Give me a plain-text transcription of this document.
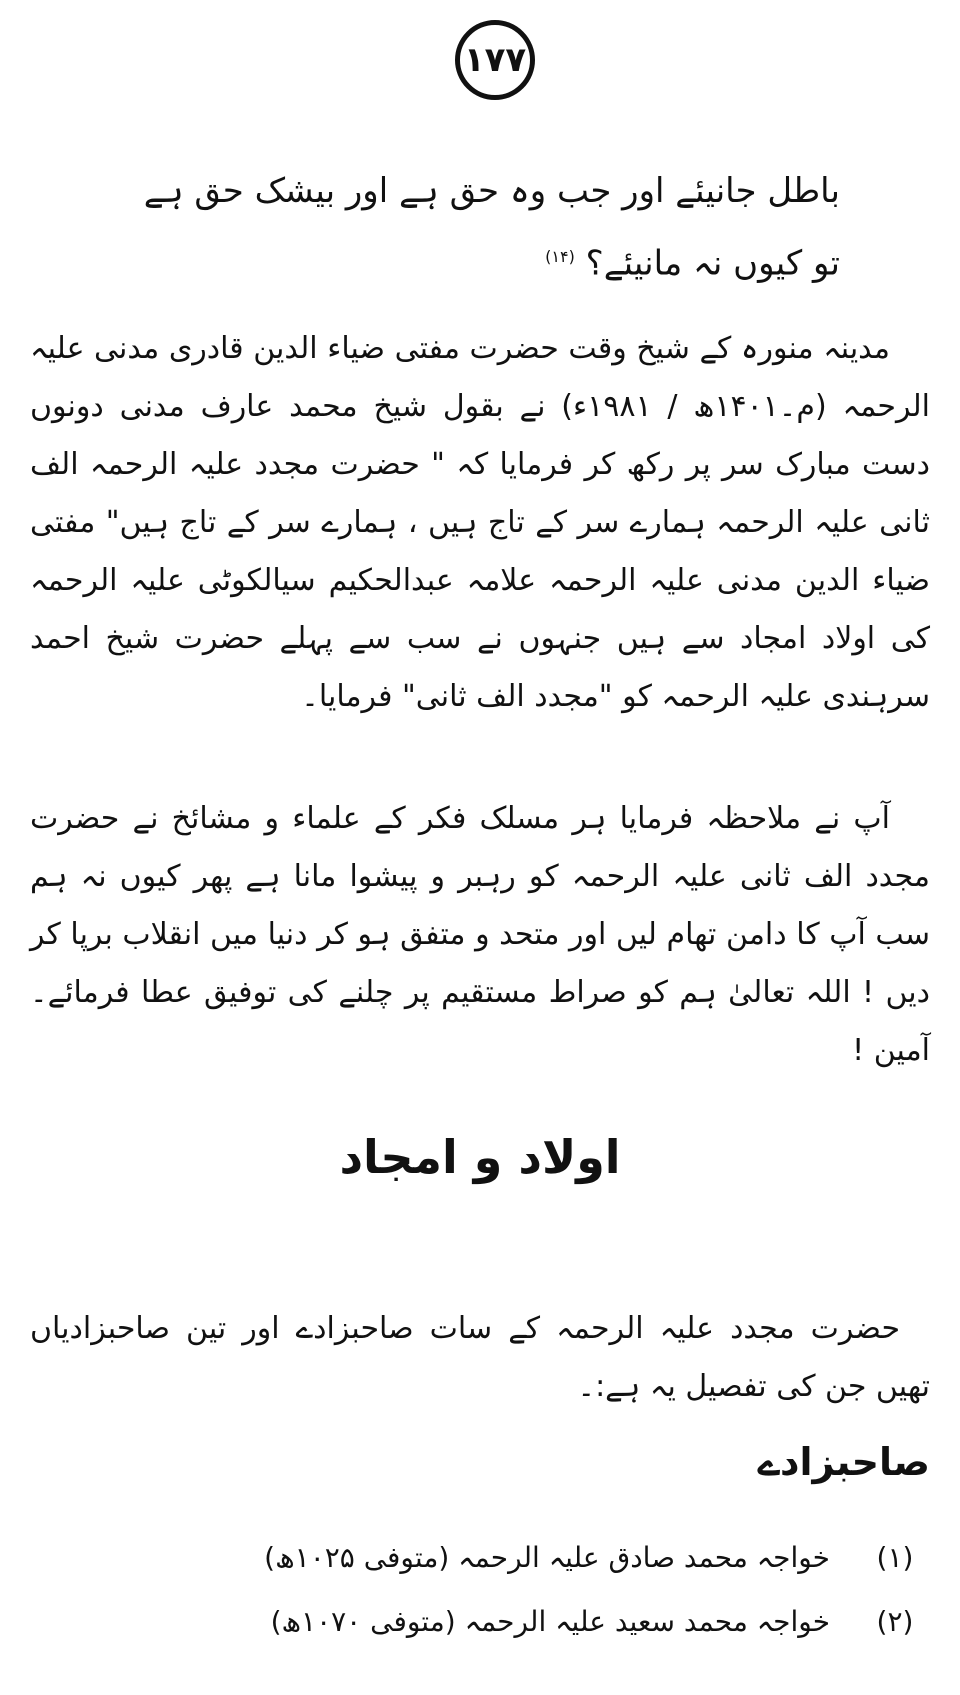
۱۷۷
باطل جانیئے اور جب وہ حق ہے اور بیشک حق ہے تو کیوں نہ مانیئے؟ $^{(۱۴)}$

مدینہ منورہ کے شیخ وقت حضرت مفتی ضیاء الدین قادری مدنی علیہ الرحمہ (م۔۱۴۰۱ھ / ۱۹۸۱ء) نے بقول شیخ محمد عارف مدنی دونوں دست مبارک سر پر رکھ کر فرمایا کہ " حضرت مجدد علیہ الرحمہ الف ثانی علیہ الرحمہ ہمارے سر کے تاج ہیں ، ہمارے سر کے تاج ہیں" مفتی ضیاء الدین مدنی علیہ الرحمہ علامہ عبدالحکیم سیالکوٹی علیہ الرحمہ کی اولاد امجاد سے ہیں جنہوں نے سب سے پہلے حضرت شیخ احمد سرہندی علیہ الرحمہ کو "مجدد الف ثانی" فرمایا۔

آپ نے ملاحظہ فرمایا ہر مسلک فکر کے علماء و مشائخ نے حضرت مجدد الف ثانی علیہ الرحمہ کو رہبر و پیشوا مانا ہے پھر کیوں نہ ہم سب آپ کا دامن تھام لیں اور متحد و متفق ہو کر دنیا میں انقلاب برپا کر دیں ! اللہ تعالیٰ ہم کو صراط مستقیم پر چلنے کی توفیق عطا فرمائے۔ آمین !

اولاد و امجاد

حضرت مجدد علیہ الرحمہ کے سات صاحبزادے اور تین صاحبزادیاں تھیں جن کی تفصیل یہ ہے:۔

صاحبزادے
(۱)
خواجہ محمد صادق علیہ الرحمہ (متوفی ۱۰۲۵ھ)
(۲)
خواجہ محمد سعید علیہ الرحمہ (متوفی ۱۰۷۰ھ)
